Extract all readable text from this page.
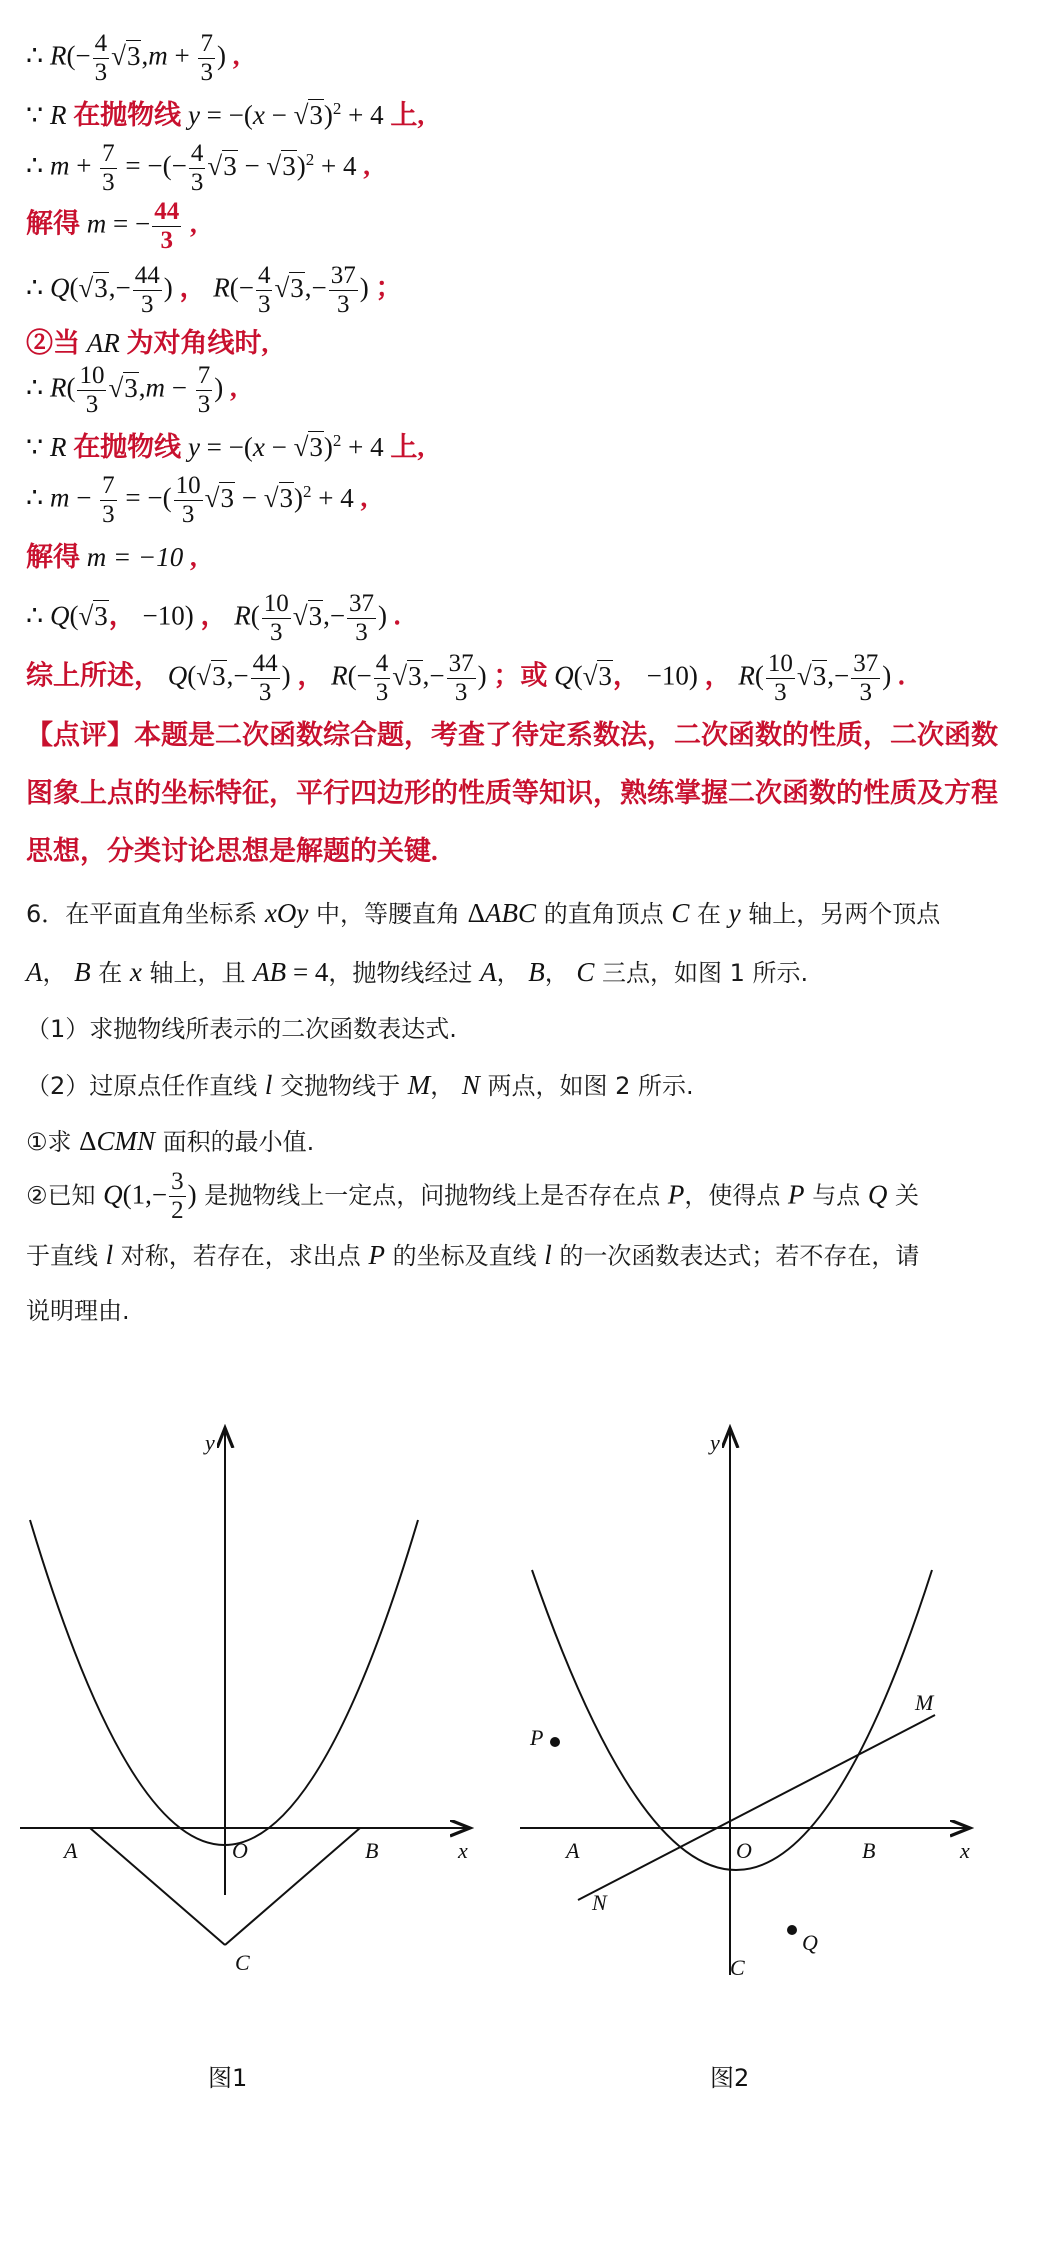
∴ $R(- \frac{4}{3} √3,m + \frac{7}{3}$ ) ,
∵ R 在抛物线 $y = -(x - √3)^2 + 4$ 上,
∴ $m + \frac{7}{3}$ = −(− $\frac{4}{3} √3 - √3)^2 + 4$ ,
解得 m = − $\frac{44}{3}$ ,
∴ $Q(√3,- \frac{44}{3}$ ) ， $R(- \frac{4}{3} √3,- \frac{37}{3}$ ) ；
②当 AR 为对角线时,
∴ $R( \frac{10}{3} √3,m - \frac{7}{3}$ ) ,
∵ R 在抛物线 $y = -(x - √3)^2 + 4$ 上,
∴ $m - \frac{7}{3}$ = −( $\frac{10}{3} √3 - √3)^2 + 4$ ,
解得 m = −10 ,
∴ Q(√3， −10) ， $R( \frac{10}{3} √3,- \frac{37}{3}$ ) .
综上所述， $Q(√3,- \frac{44}{3}$ ) ， $R(- \frac{4}{3} √3,- \frac{37}{3}$ ) ；或 Q(√3， −10) ， $R( \frac{10}{3} √3,- \frac{37}{3}$ ) .
【点评】本题是二次函数综合题，考查了待定系数法，二次函数的性质，二次函数
图象上点的坐标特征，平行四边形的性质等知识，熟练掌握二次函数的性质及方程
思想，分类讨论思想是解题的关键.
6．在平面直角坐标系 xOy 中，等腰直角 ΔABC 的直角顶点 C 在 y 轴上，另两个顶点
A， B 在 x 轴上，且 AB = 4，抛物线经过 A， B， C 三点，如图 1 所示.
（1）求抛物线所表示的二次函数表达式.
（2）过原点任作直线 l 交抛物线于 M， N 两点，如图 2 所示.
①求 ΔCMN 面积的最小值.
②已知 $Q(1,- \frac{3}{2}$ ) 是抛物线上一定点，问抛物线上是否存在点 P，使得点 P 与点 Q 关
于直线 l 对称，若存在，求出点 P 的坐标及直线 l 的一次函数表达式；若不存在，请
说明理由.
y
x
O
A	B
C
图1
y
x
O
A	B
C
P
Q
M
N
图2
